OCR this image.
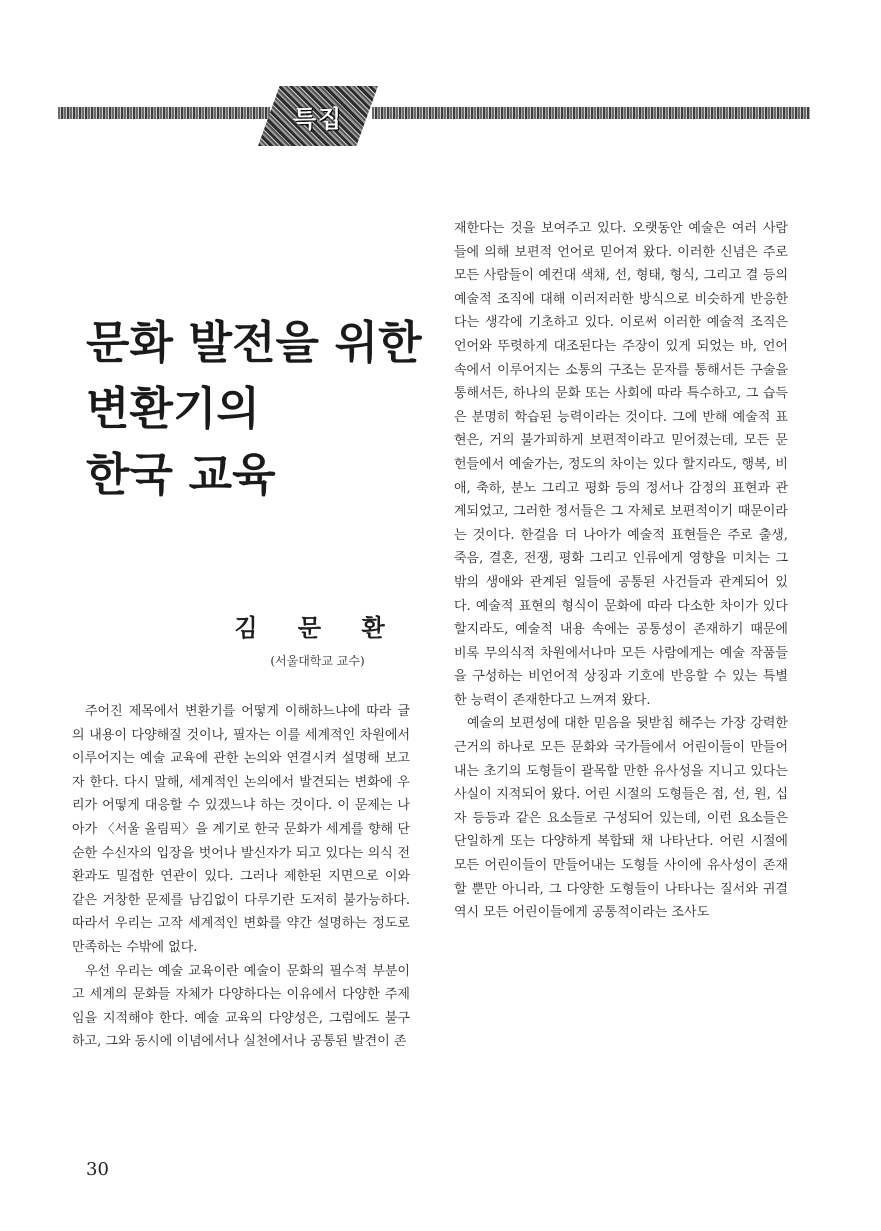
특집
문화 발전을 위한
변환기의
한국 교육
김 문 환
(서울대학교 교수)

주어진 제목에서 변환기를 어떻게 이해하느냐에 따라 글의 내용이 다양해질 것이나, 필자는 이를 세계적인 차원에서 이루어지는 예술 교육에 관한 논의와 연결시켜 설명해 보고자 한다. 다시 말해, 세계적인 논의에서 발견되는 변화에 우리가 어떻게 대응할 수 있겠느냐 하는 것이다. 이 문제는 나아가 〈서울 올림픽〉을 계기로 한국 문화가 세계를 향해 단순한 수신자의 입장을 벗어나 발신자가 되고 있다는 의식 전환과도 밀접한 연관이 있다. 그러나 제한된 지면으로 이와 같은 거창한 문제를 남김없이 다루기란 도저히 불가능하다. 따라서 우리는 고작 세계적인 변화를 약간 설명하는 정도로 만족하는 수밖에 없다.

우선 우리는 예술 교육이란 예술이 문화의 필수적 부분이고 세계의 문화들 자체가 다양하다는 이유에서 다양한 주제임을 지적해야 한다. 예술 교육의 다양성은, 그럼에도 불구하고, 그와 동시에 이념에서나 실천에서나 공통된 발견이 존

재한다는 것을 보여주고 있다. 오랫동안 예술은 여러 사람들에 의해 보편적 언어로 믿어져 왔다. 이러한 신념은 주로 모든 사람들이 예컨대 색채, 선, 형태, 형식, 그리고 결 등의 예술적 조직에 대해 이러저러한 방식으로 비슷하게 반응한다는 생각에 기초하고 있다. 이로써 이러한 예술적 조직은 언어와 뚜렷하게 대조된다는 주장이 있게 되었는 바, 언어 속에서 이루어지는 소통의 구조는 문자를 통해서든 구술을 통해서든, 하나의 문화 또는 사회에 따라 특수하고, 그 습득은 분명히 학습된 능력이라는 것이다. 그에 반해 예술적 표현은, 거의 불가피하게 보편적이라고 믿어졌는데, 모든 문헌들에서 예술가는, 정도의 차이는 있다 할지라도, 행복, 비애, 축하, 분노 그리고 평화 등의 정서나 감정의 표현과 관계되었고, 그러한 정서들은 그 자체로 보편적이기 때문이라는 것이다. 한걸음 더 나아가 예술적 표현들은 주로 출생, 죽음, 결혼, 전쟁, 평화 그리고 인류에게 영향을 미치는 그밖의 생애와 관계된 일들에 공통된 사건들과 관계되어 있다. 예술적 표현의 형식이 문화에 따라 다소한 차이가 있다 할지라도, 예술적 내용 속에는 공통성이 존재하기 때문에 비록 무의식적 차원에서나마 모든 사람에게는 예술 작품들을 구성하는 비언어적 상징과 기호에 반응할 수 있는 특별한 능력이 존재한다고 느껴져 왔다.

예술의 보편성에 대한 믿음을 뒷받침 해주는 가장 강력한 근거의 하나로 모든 문화와 국가들에서 어린이들이 만들어내는 초기의 도형들이 괄목할 만한 유사성을 지니고 있다는 사실이 지적되어 왔다. 어린 시절의 도형들은 점, 선, 원, 십자 등등과 같은 요소들로 구성되어 있는데, 이런 요소들은 단일하게 또는 다양하게 복합돼 채 나타난다. 어린 시절에 모든 어린이들이 만들어내는 도형들 사이에 유사성이 존재할 뿐만 아니라, 그 다양한 도형들이 나타나는 질서와 귀결 역시 모든 어린이들에게 공통적이라는 조사도

30
